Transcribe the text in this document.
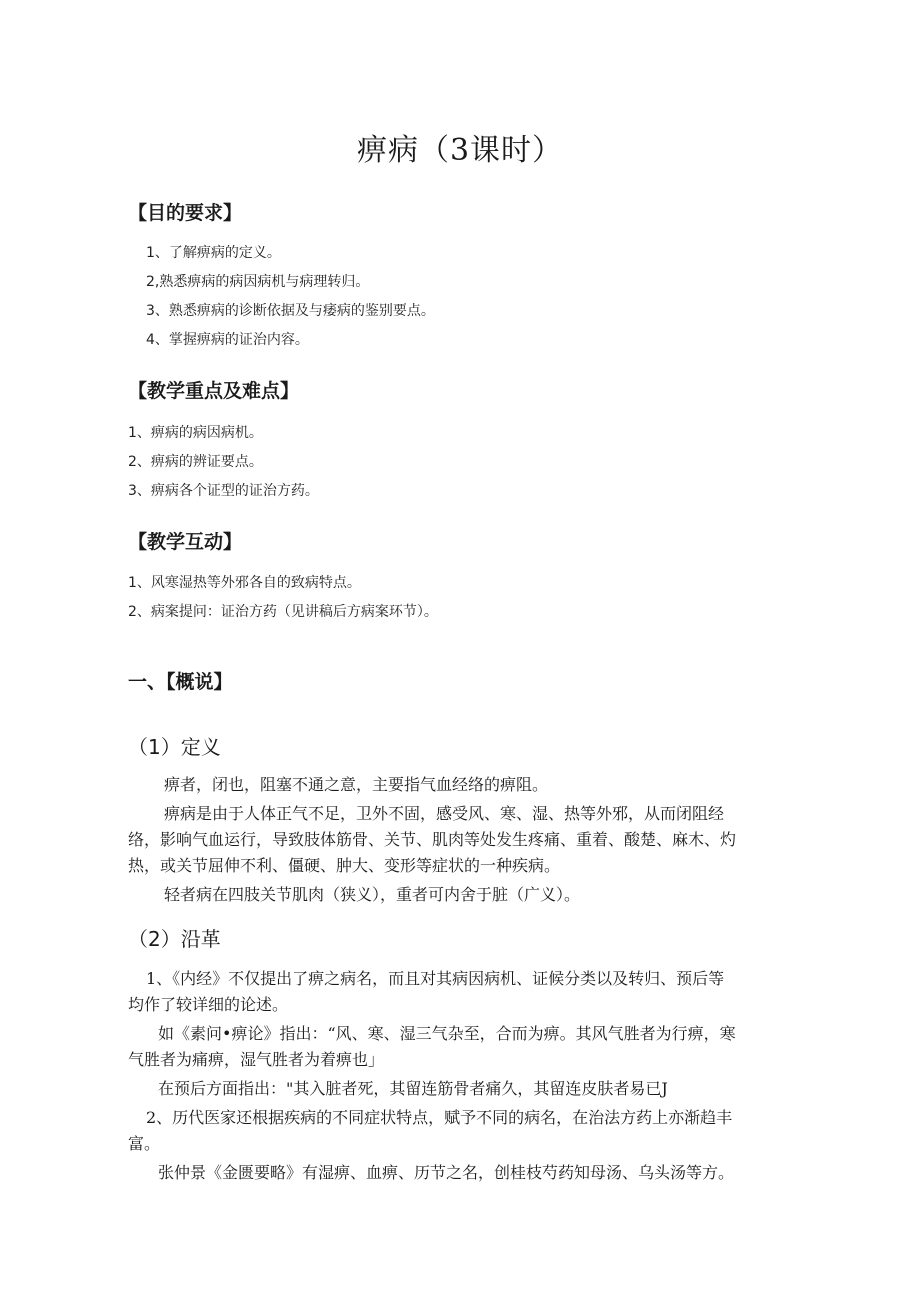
痹病（3课时）
【目的要求】
1、了解痹病的定义。
2,熟悉痹病的病因病机与病理转归。
3、熟悉痹病的诊断依据及与痿病的鉴别要点。
4、掌握痹病的证治内容。
【教学重点及难点】
1、痹病的病因病机。
2、痹病的辨证要点。
3、痹病各个证型的证治方药。
【教学互动】
1、风寒湿热等外邪各自的致病特点。
2、病案提问：证治方药（见讲稿后方病案环节）。
一、【概说】
（1）定义
痹者，闭也，阻塞不通之意，主要指气血经络的痹阻。
痹病是由于人体正气不足，卫外不固，感受风、寒、湿、热等外邪，从而闭阻经
络，影响气血运行，导致肢体筋骨、关节、肌肉等处发生疼痛、重着、酸楚、麻木、灼
热，或关节屈伸不利、僵硬、肿大、变形等症状的一种疾病。
轻者病在四肢关节肌肉（狭义），重者可内舍于脏（广义）。
（2）沿革
1、《内经》不仅提出了痹之病名，而且对其病因病机、证候分类以及转归、预后等
均作了较详细的论述。
如《素问•痹论》指出：“风、寒、湿三气杂至，合而为痹。其风气胜者为行痹，寒
气胜者为痛痹，湿气胜者为着痹也」
在预后方面指出："其入脏者死，其留连筋骨者痛久，其留连皮肤者易已J
2、历代医家还根据疾病的不同症状特点，赋予不同的病名，在治法方药上亦渐趋丰
富。
张仲景《金匮要略》有湿痹、血痹、历节之名，创桂枝芍药知母汤、乌头汤等方。
